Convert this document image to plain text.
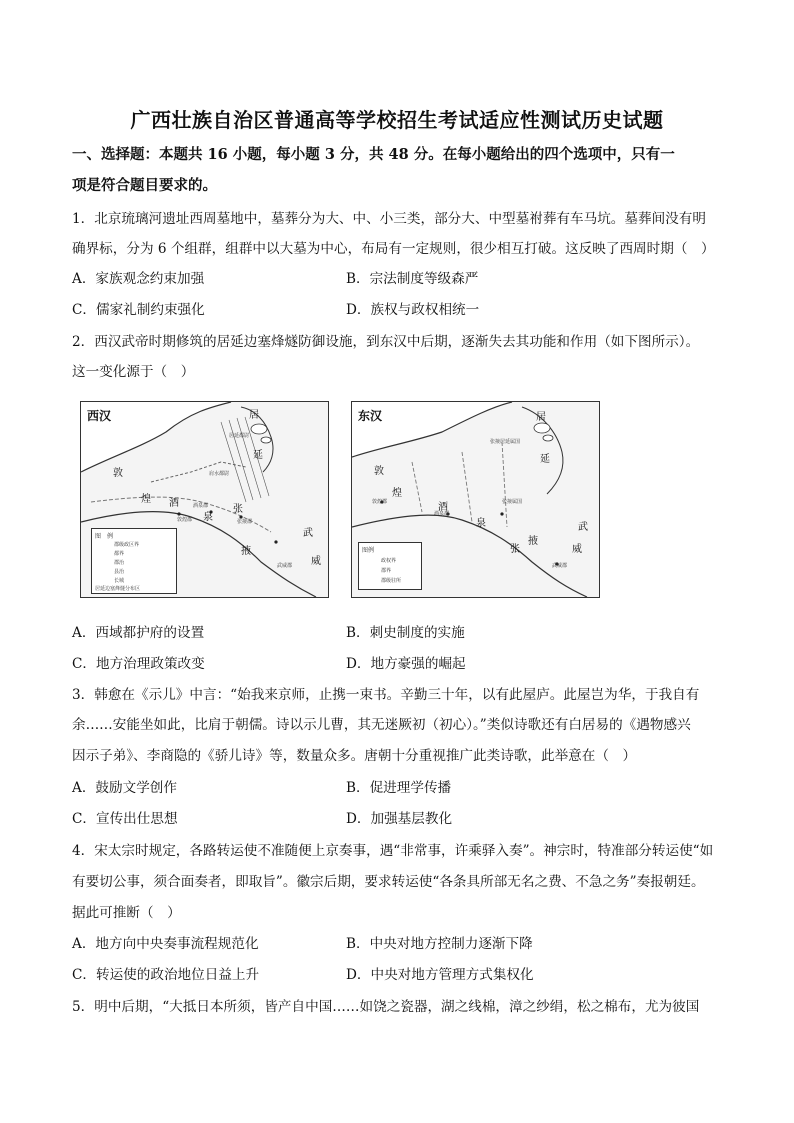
广西壮族自治区普通高等学校招生考试适应性测试历史试题
一、选择题：本题共 16 小题，每小题 3 分，共 48 分。在每小题给出的四个选项中，只有一
项是符合题目要求的。
1．北京琉璃河遗址西周墓地中，墓葬分为大、中、小三类，部分大、中型墓祔葬有车马坑。墓葬间没有明
确界标，分为 6 个组群，组群中以大墓为中心，布局有一定规则，很少相互打破。这反映了西周时期（　）
A．家族观念约束加强	B．宗法制度等级森严
C．儒家礼制约束强化	D．族权与政权相统一
2．西汉武帝时期修筑的居延边塞烽燧防御设施，到东汉中后期，逐渐失去其功能和作用（如下图所示）。
这一变化源于（　）
西汉
敦
煌 酒
泉
张
掖
武
威
居
延
居延都尉
肩水都尉
酒泉郡
敦煌郡	张掖郡
武威郡
图　例
郡级政区界
都界
郡治
县治
长城
居延边塞烽燧分布区
东汉
敦
煌
酒
泉
张
掖
武
威
居
延
张掖居延属国
张掖属国
敦煌郡
酒泉郡
武威郡
图例
政权界
郡界
郡级驻所
A．西域都护府的设置	B．刺史制度的实施
C．地方治理政策改变	D．地方豪强的崛起
3．韩愈在《示儿》中言：“始我来京师，止携一束书。辛勤三十年，以有此屋庐。此屋岂为华，于我自有
余……安能坐如此，比肩于朝儒。诗以示儿曹，其无迷厥初（初心）。”类似诗歌还有白居易的《遇物感兴
因示子弟》、李商隐的《骄儿诗》等，数量众多。唐朝十分重视推广此类诗歌，此举意在（　）
A．鼓励文学创作	B．促进理学传播
C．宣传出仕思想	D．加强基层教化
4．宋太宗时规定，各路转运使不准随便上京奏事，遇“非常事，许乘驿入奏”。神宗时，特准部分转运使“如
有要切公事，须合面奏者，即取旨”。徽宗后期，要求转运使“各条具所部无名之费、不急之务”奏报朝廷。
据此可推断（　）
A．地方向中央奏事流程规范化	B．中央对地方控制力逐渐下降
C．转运使的政治地位日益上升	D．中央对地方管理方式集权化
5．明中后期，“大抵日本所须，皆产自中国……如饶之瓷器，湖之线棉，漳之纱绢，松之棉布，尤为彼国
